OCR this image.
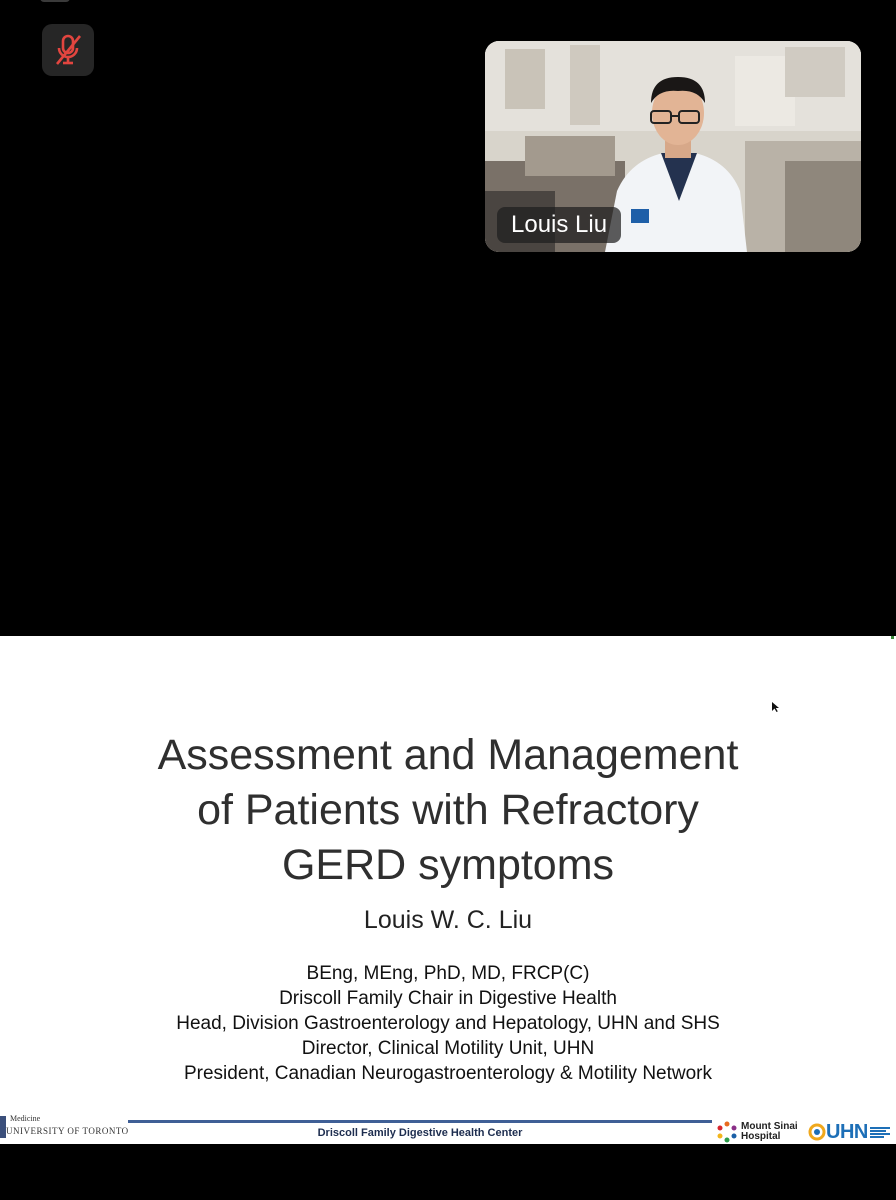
Louis Liu
Assessment and Management
of Patients with Refractory
GERD symptoms
Louis W. C. Liu
BEng, MEng, PhD, MD, FRCP(C)
Driscoll Family Chair in Digestive Health
Head, Division Gastroenterology and Hepatology, UHN and SHS
Director, Clinical Motility Unit, UHN
President, Canadian Neurogastroenterology & Motility Network
Medicine
UNIVERSITY OF TORONTO	Driscoll Family Digestive Health Center
Mount Sinai
Hospital	UHN
